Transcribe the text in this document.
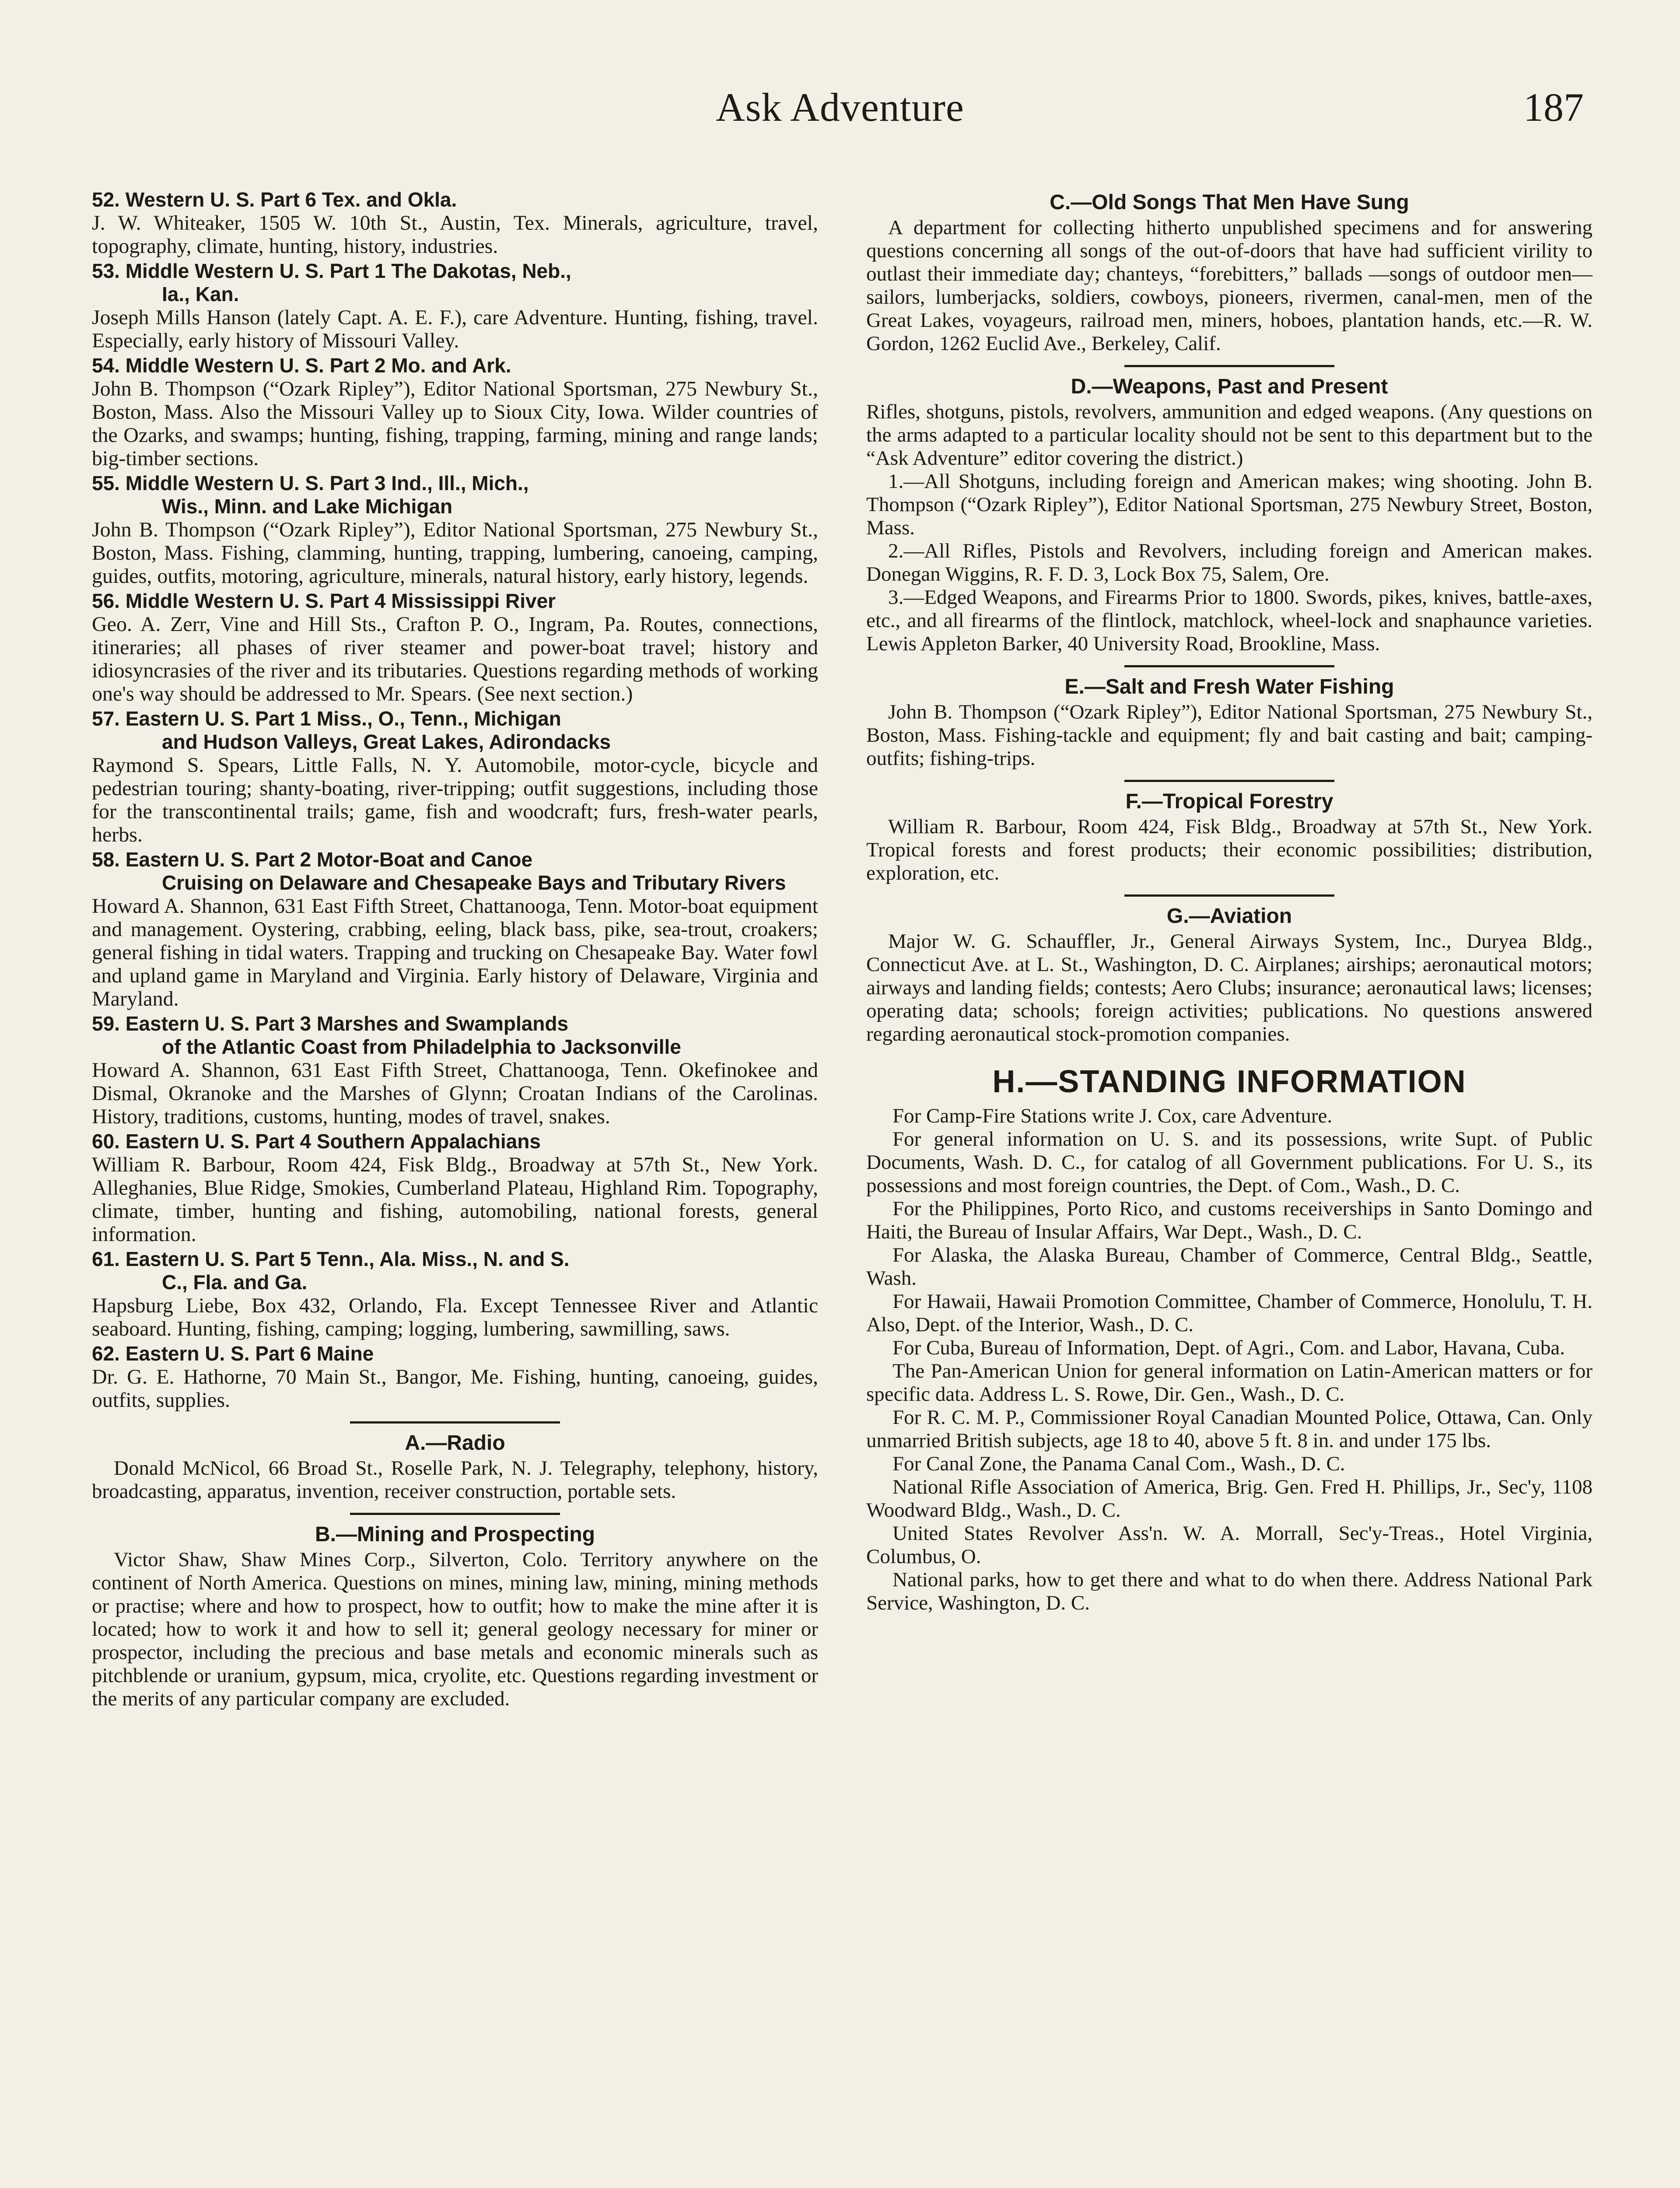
Ask Adventure	187
52. Western U. S. Part 6 Tex. and Okla.
J. W. Whiteaker, 1505 W. 10th St., Austin, Tex. Minerals, agriculture, travel, topography, climate, hunting, history, industries.
53. Middle Western U. S. Part 1 The Dakotas, Neb.,
Ia., Kan.
Joseph Mills Hanson (lately Capt. A. E. F.), care Adventure. Hunting, fishing, travel. Especially, early history of Missouri Valley.
54. Middle Western U. S. Part 2 Mo. and Ark.
John B. Thompson (“Ozark Ripley”), Editor National Sportsman, 275 Newbury St., Boston, Mass. Also the Missouri Valley up to Sioux City, Iowa. Wilder countries of the Ozarks, and swamps; hunting, fishing, trapping, farming, mining and range lands; big-timber sections.
55. Middle Western U. S. Part 3 Ind., Ill., Mich.,
Wis., Minn. and Lake Michigan
John B. Thompson (“Ozark Ripley”), Editor National Sportsman, 275 Newbury St., Boston, Mass. Fishing, clamming, hunting, trapping, lumbering, canoeing, camping, guides, outfits, motoring, agriculture, minerals, natural history, early history, legends.
56. Middle Western U. S. Part 4 Mississippi River
Geo. A. Zerr, Vine and Hill Sts., Crafton P. O., Ingram, Pa. Routes, connections, itineraries; all phases of river steamer and power-boat travel; history and idiosyncrasies of the river and its tributaries. Questions regarding methods of working one's way should be addressed to Mr. Spears. (See next section.)
57. Eastern U. S. Part 1 Miss., O., Tenn., Michigan
and Hudson Valleys, Great Lakes, Adirondacks
Raymond S. Spears, Little Falls, N. Y. Automobile, motor-cycle, bicycle and pedestrian touring; shanty-boating, river-tripping; outfit suggestions, including those for the transcontinental trails; game, fish and woodcraft; furs, fresh-water pearls, herbs.
58. Eastern U. S. Part 2 Motor-Boat and Canoe
Cruising on Delaware and Chesapeake Bays and Tributary Rivers
Howard A. Shannon, 631 East Fifth Street, Chattanooga, Tenn. Motor-boat equipment and management. Oystering, crabbing, eeling, black bass, pike, sea-trout, croakers; general fishing in tidal waters. Trapping and trucking on Chesapeake Bay. Water fowl and upland game in Maryland and Virginia. Early history of Delaware, Virginia and Maryland.
59. Eastern U. S. Part 3 Marshes and Swamplands
of the Atlantic Coast from Philadelphia to Jacksonville
Howard A. Shannon, 631 East Fifth Street, Chattanooga, Tenn. Okefinokee and Dismal, Okranoke and the Marshes of Glynn; Croatan Indians of the Carolinas. History, traditions, customs, hunting, modes of travel, snakes.
60. Eastern U. S. Part 4 Southern Appalachians
William R. Barbour, Room 424, Fisk Bldg., Broadway at 57th St., New York. Alleghanies, Blue Ridge, Smokies, Cumberland Plateau, Highland Rim. Topography, climate, timber, hunting and fishing, automobiling, national forests, general information.
61. Eastern U. S. Part 5 Tenn., Ala. Miss., N. and S.
C., Fla. and Ga.
Hapsburg Liebe, Box 432, Orlando, Fla. Except Tennessee River and Atlantic seaboard. Hunting, fishing, camping; logging, lumbering, sawmilling, saws.
62. Eastern U. S. Part 6 Maine
Dr. G. E. Hathorne, 70 Main St., Bangor, Me. Fishing, hunting, canoeing, guides, outfits, supplies.
A.—Radio

Donald McNicol, 66 Broad St., Roselle Park, N. J. Telegraphy, telephony, history, broadcasting, apparatus, invention, receiver construction, portable sets.

B.—Mining and Prospecting

Victor Shaw, Shaw Mines Corp., Silverton, Colo. Territory anywhere on the continent of North America. Questions on mines, mining law, mining, mining methods or practise; where and how to prospect, how to outfit; how to make the mine after it is located; how to work it and how to sell it; general geology necessary for miner or prospector, including the precious and base metals and economic minerals such as pitchblende or uranium, gypsum, mica, cryolite, etc. Questions regarding investment or the merits of any particular company are excluded.

C.—Old Songs That Men Have Sung

A department for collecting hitherto unpublished specimens and for answering questions concerning all songs of the out-of-doors that have had sufficient virility to outlast their immediate day; chanteys, “forebitters,” ballads —songs of outdoor men—sailors, lumberjacks, soldiers, cowboys, pioneers, rivermen, canal-men, men of the Great Lakes, voyageurs, railroad men, miners, hoboes, plantation hands, etc.—R. W. Gordon, 1262 Euclid Ave., Berkeley, Calif.

D.—Weapons, Past and Present

Rifles, shotguns, pistols, revolvers, ammunition and edged weapons. (Any questions on the arms adapted to a particular locality should not be sent to this department but to the “Ask Adventure” editor covering the district.)

1.—All Shotguns, including foreign and American makes; wing shooting. John B. Thompson (“Ozark Ripley”), Editor National Sportsman, 275 Newbury Street, Boston, Mass.

2.—All Rifles, Pistols and Revolvers, including foreign and American makes. Donegan Wiggins, R. F. D. 3, Lock Box 75, Salem, Ore.

3.—Edged Weapons, and Firearms Prior to 1800. Swords, pikes, knives, battle-axes, etc., and all firearms of the flintlock, matchlock, wheel-lock and snaphaunce varieties. Lewis Appleton Barker, 40 University Road, Brookline, Mass.

E.—Salt and Fresh Water Fishing

John B. Thompson (“Ozark Ripley”), Editor National Sportsman, 275 Newbury St., Boston, Mass. Fishing-tackle and equipment; fly and bait casting and bait; camping-outfits; fishing-trips.

F.—Tropical Forestry

William R. Barbour, Room 424, Fisk Bldg., Broadway at 57th St., New York. Tropical forests and forest products; their economic possibilities; distribution, exploration, etc.

G.—Aviation

Major W. G. Schauffler, Jr., General Airways System, Inc., Duryea Bldg., Connecticut Ave. at L. St., Washington, D. C. Airplanes; airships; aeronautical motors; airways and landing fields; contests; Aero Clubs; insurance; aeronautical laws; licenses; operating data; schools; foreign activities; publications. No questions answered regarding aeronautical stock-promotion companies.

H.—STANDING INFORMATION

For Camp-Fire Stations write J. Cox, care Adventure.

For general information on U. S. and its possessions, write Supt. of Public Documents, Wash. D. C., for catalog of all Government publications. For U. S., its possessions and most foreign countries, the Dept. of Com., Wash., D. C.

For the Philippines, Porto Rico, and customs receiverships in Santo Domingo and Haiti, the Bureau of Insular Affairs, War Dept., Wash., D. C.

For Alaska, the Alaska Bureau, Chamber of Commerce, Central Bldg., Seattle, Wash.

For Hawaii, Hawaii Promotion Committee, Chamber of Commerce, Honolulu, T. H. Also, Dept. of the Interior, Wash., D. C.

For Cuba, Bureau of Information, Dept. of Agri., Com. and Labor, Havana, Cuba.

The Pan-American Union for general information on Latin-American matters or for specific data. Address L. S. Rowe, Dir. Gen., Wash., D. C.

For R. C. M. P., Commissioner Royal Canadian Mounted Police, Ottawa, Can. Only unmarried British subjects, age 18 to 40, above 5 ft. 8 in. and under 175 lbs.

For Canal Zone, the Panama Canal Com., Wash., D. C.

National Rifle Association of America, Brig. Gen. Fred H. Phillips, Jr., Sec'y, 1108 Woodward Bldg., Wash., D. C.

United States Revolver Ass'n. W. A. Morrall, Sec'y-Treas., Hotel Virginia, Columbus, O.

National parks, how to get there and what to do when there. Address National Park Service, Washington, D. C.
